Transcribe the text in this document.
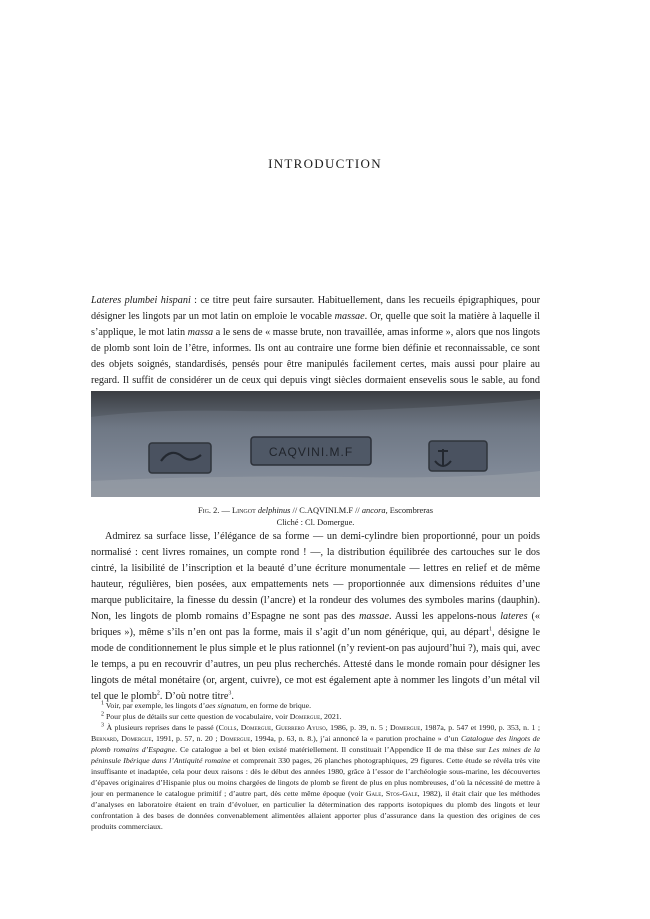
INTRODUCTION

Lateres plumbei hispani : ce titre peut faire sursauter. Habituellement, dans les recueils épigraphiques, pour désigner les lingots par un mot latin on emploie le vocable massae. Or, quelle que soit la matière à laquelle il s’applique, le mot latin massa a le sens de « masse brute, non travaillée, amas informe », alors que nos lingots de plomb sont loin de l’être, informes. Ils ont au contraire une forme bien définie et reconnaissable, ce sont des objets soignés, standardisés, pensés pour être manipulés facilement certes, mais aussi pour plaire au regard. Il suffit de considérer un de ceux qui depuis vingt siècles dormaient ensevelis sous le sable, au fond

CAQVINI.M.F

Fig. 2. — Lingot delphinus // C.AQVINI.M.F // ancora, Escombreras
Cliché : Cl. Domergue.

Admirez sa surface lisse, l’élégance de sa forme — un demi-cylindre bien proportionné, pour un poids normalisé : cent livres romaines, un compte rond ! —, la distribution équilibrée des cartouches sur le dos cintré, la lisibilité de l’inscription et la beauté d’une écriture monumentale — lettres en relief et de même hauteur, régulières, bien posées, aux empattements nets — proportionnée aux dimensions réduites d’une marque publicitaire, la finesse du dessin (l’ancre) et la rondeur des volumes des symboles marins (dauphin). Non, les lingots de plomb romains d’Espagne ne sont pas des massae. Aussi les appelons-nous lateres (« briques »), même s’ils n’en ont pas la forme, mais il s’agit d’un nom générique, qui, au départ$^1$, désigne le mode de conditionnement le plus simple et le plus rationnel (n’y revient-on pas aujourd’hui ?), mais qui, avec le temps, a pu en recouvrir d’autres, un peu plus recherchés. Attesté dans le monde romain pour désigner les lingots de métal monétaire (or, argent, cuivre), ce mot est également apte à nommer les lingots d’un métal vil tel que le plomb$^2$. D’où notre titre$^3$.

$^1$ Voir, par exemple, les lingots d’aes signatum, en forme de brique.

$^2$ Pour plus de détails sur cette question de vocabulaire, voir Domergue, 2021.

$^3$ À plusieurs reprises dans le passé (Colls, Domergue, Guerrero Ayuso, 1986, p. 39, n. 5 ; Domergue, 1987a, p. 547 et 1990, p. 353, n. 1 ; Bernard, Domergue, 1991, p. 57, n. 20 ; Domergue, 1994a, p. 63, n. 8.), j’ai annoncé la « parution prochaine » d’un Catalogue des lingots de plomb romains d’Espagne. Ce catalogue a bel et bien existé matériellement. Il constituait l’Appendice II de ma thèse sur Les mines de la péninsule Ibérique dans l’Antiquité romaine et comprenait 330 pages, 26 planches photographiques, 29 figures. Cette étude se révéla très vite insuffisante et inadaptée, cela pour deux raisons : dès le début des années 1980, grâce à l’essor de l’archéologie sous-marine, les découvertes d’épaves originaires d’Hispanie plus ou moins chargées de lingots de plomb se firent de plus en plus nombreuses, d’où la nécessité de mettre à jour en permanence le catalogue primitif ; d’autre part, dès cette même époque (voir Gale, Stos-Gale, 1982), il était clair que les méthodes d’analyses en laboratoire étaient en train d’évoluer, en particulier la détermination des rapports isotopiques du plomb des lingots et leur confrontation à des bases de données convenablement alimentées allaient apporter plus d’assurance dans la question des origines de ces produits commerciaux.
